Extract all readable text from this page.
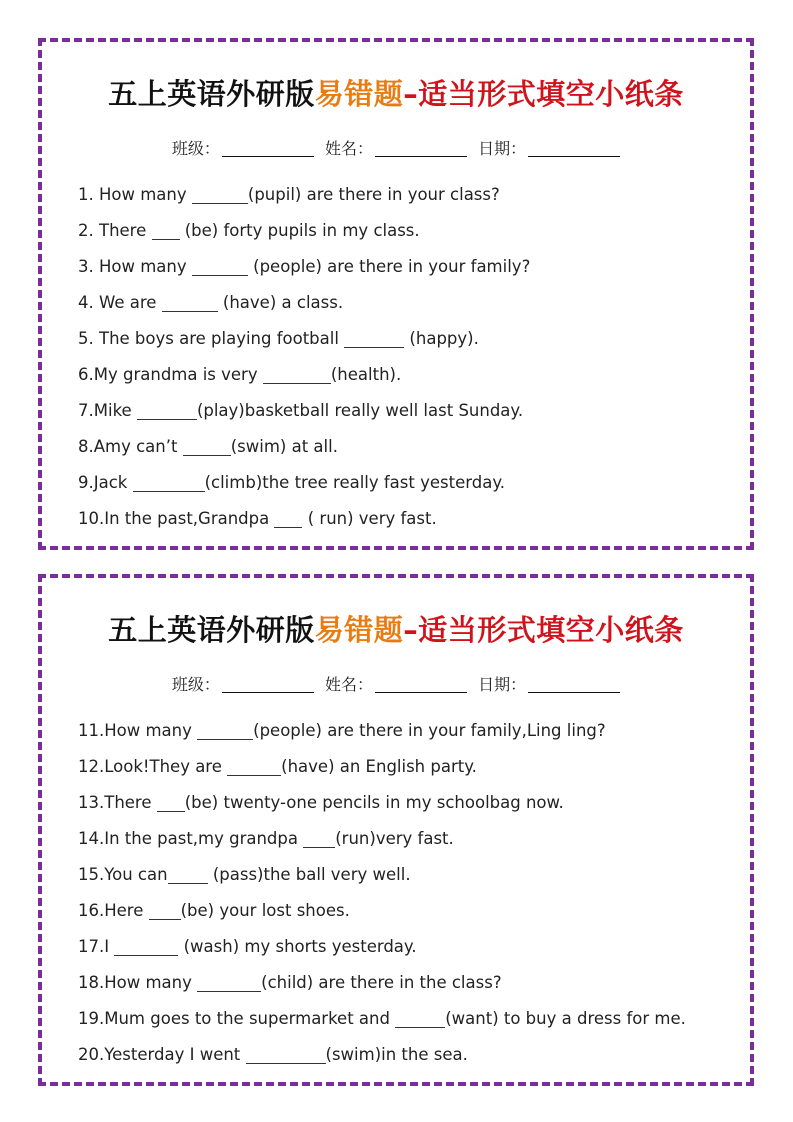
五上英语外研版易错题–适当形式填空小纸条
班级：	姓名：	日期：
1. How many	(pupil) are there in your class?
2. There  (be) forty pupils in my class.
3. How many	(people) are there in your family?
4. We are	(have) a class.
5. The boys are playing football	(happy).
6.My grandma is very	(health).
7.Mike	(play)basketball really well last Sunday.
8.Amy can’t	(swim) at all.
9.Jack	(climb)the tree really fast yesterday.
10.In the past,Grandpa  ( run) very fast.
五上英语外研版易错题–适当形式填空小纸条
班级：	姓名：	日期：
11.How many	(people) are there in your family,Ling ling?
12.Look!They are	(have) an English party.
13.There (be) twenty-one pencils in my schoolbag now.
14.In the past,my grandpa (run)very fast.
15.You can (pass)the ball very well.
16.Here (be) your lost shoes.
17.I	(wash) my shorts yesterday.
18.How many	(child) are there in the class?
19.Mum goes to the supermarket and	(want) to buy a dress for me.
20.Yesterday I went	(swim)in the sea.
